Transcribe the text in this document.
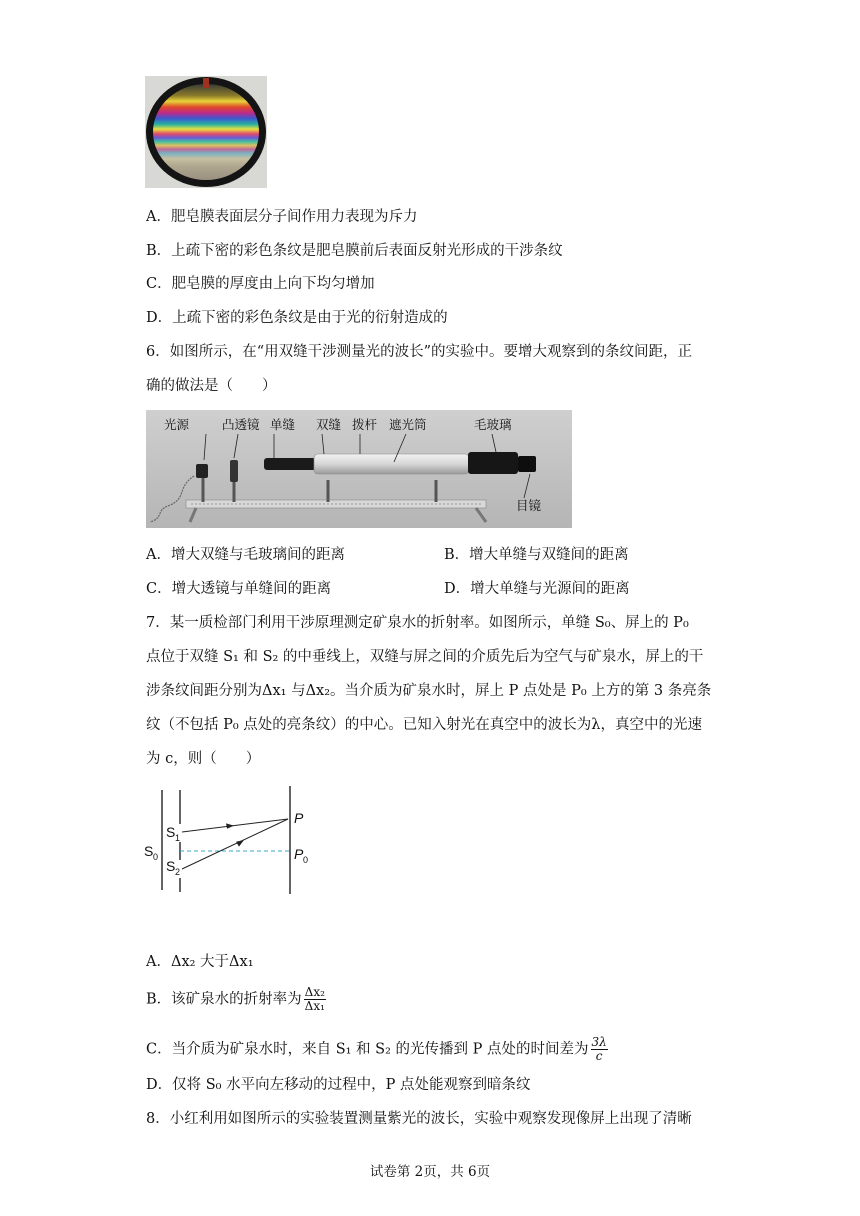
A．肥皂膜表面层分子间作用力表现为斥力
B．上疏下密的彩色条纹是肥皂膜前后表面反射光形成的干涉条纹
C．肥皂膜的厚度由上向下均匀增加
D．上疏下密的彩色条纹是由于光的衍射造成的
6．如图所示，在“用双缝干涉测量光的波长”的实验中。要增大观察到的条纹间距，正
确的做法是（　　）
光源	凸透镜 单缝 双缝 拨杆 遮光筒	毛玻璃
目镜
A．增大双缝与毛玻璃间的距离	B．增大单缝与双缝间的距离
C．增大透镜与单缝间的距离	D．增大单缝与光源间的距离
7．某一质检部门利用干涉原理测定矿泉水的折射率。如图所示，单缝 S₀、屏上的 P₀
点位于双缝 S₁ 和 S₂ 的中垂线上，双缝与屏之间的介质先后为空气与矿泉水，屏上的干
涉条纹间距分别为Δx₁ 与Δx₂。当介质为矿泉水时，屏上 P 点处是 P₀ 上方的第 3 条亮条
纹（不包括 P₀ 点处的亮条纹）的中心。已知入射光在真空中的波长为λ，真空中的光速
为 c，则（　　）
S 0
S 1
S 2
P
P 0
A．Δx₂ 大于Δx₁
B．该矿泉水的折射率为 $\frac{\text{Δx₂}}{\text{Δx₁}}$
C．当介质为矿泉水时，来自 S₁ 和 S₂ 的光传播到 P 点处的时间差为 $\frac{3\lambda}{c}$
D．仅将 S₀ 水平向左移动的过程中，P 点处能观察到暗条纹
8．小红利用如图所示的实验装置测量紫光的波长，实验中观察发现像屏上出现了清晰
试卷第 2页，共 6页
